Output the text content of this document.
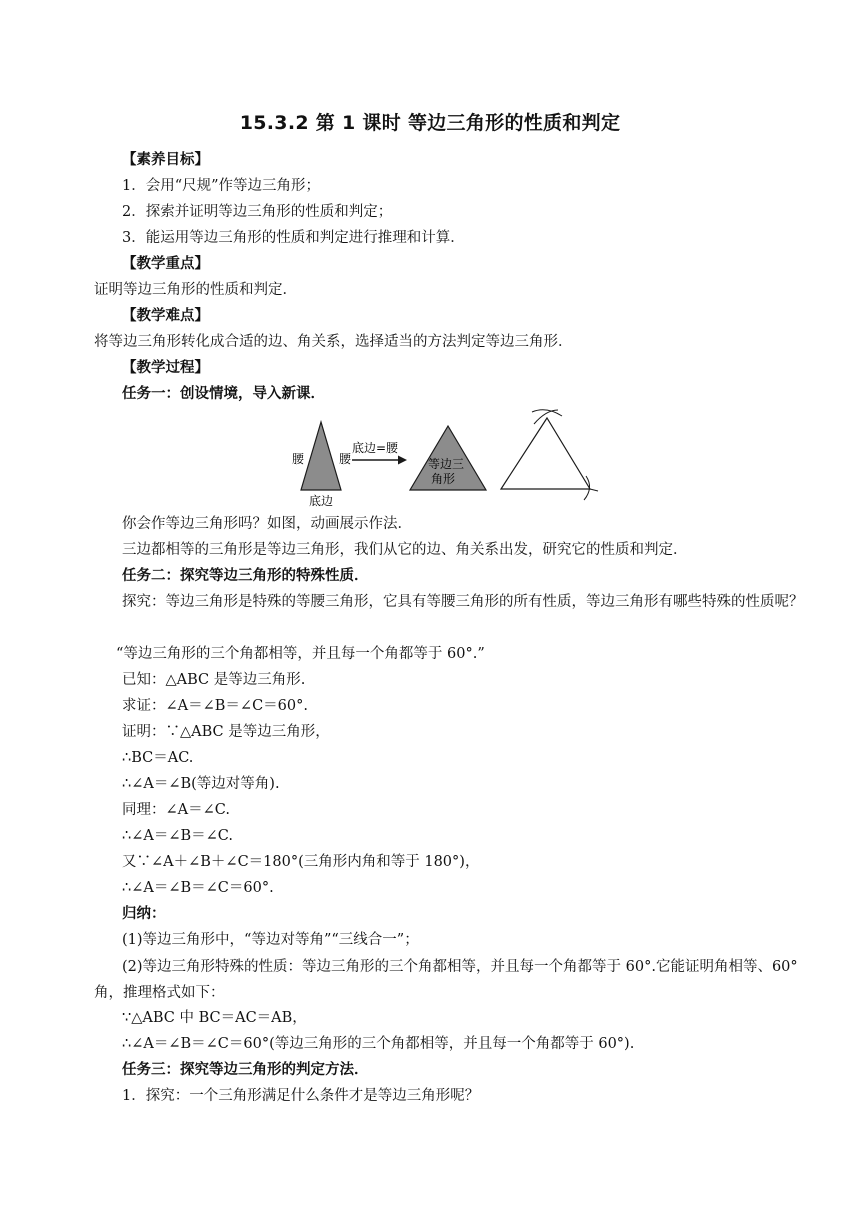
15.3.2 第 1 课时 等边三角形的性质和判定
【素养目标】
1．会用“尺规”作等边三角形；
2．探索并证明等边三角形的性质和判定；
3．能运用等边三角形的性质和判定进行推理和计算．
【教学重点】
证明等边三角形的性质和判定．
【教学难点】
将等边三角形转化成合适的边、角关系，选择适当的方法判定等边三角形．
【教学过程】
任务一：创设情境，导入新课．
腰	腰
底边
底边=腰
等边三
角形
你会作等边三角形吗？如图，动画展示作法．
三边都相等的三角形是等边三角形，我们从它的边、角关系出发，研究它的性质和判定．
任务二：探究等边三角形的特殊性质．

探究：等边三角形是特殊的等腰三角形，它具有等腰三角形的所有性质，等边三角形有哪些特殊的性质呢？

“等边三角形的三个角都相等，并且每一个角都等于 60°.”
已知：△ABC 是等边三角形.
求证：∠A＝∠B＝∠C＝60°.
证明：∵△ABC 是等边三角形，
∴BC＝AC.
∴∠A＝∠B(等边对等角).
同理：∠A＝∠C.
∴∠A＝∠B＝∠C.
又∵∠A＋∠B＋∠C＝180°(三角形内角和等于 180°)，
∴∠A＝∠B＝∠C＝60°.
归纳：
(1)等边三角形中，“等边对等角”“三线合一”；

(2)等边三角形特殊的性质：等边三角形的三个角都相等，并且每一个角都等于 60°.它能证明角相等、60°角，推理格式如下：

∵△ABC 中 BC＝AC＝AB，
∴∠A＝∠B＝∠C＝60°(等边三角形的三个角都相等，并且每一个角都等于 60°).
任务三：探究等边三角形的判定方法．
1．探究：一个三角形满足什么条件才是等边三角形呢？
